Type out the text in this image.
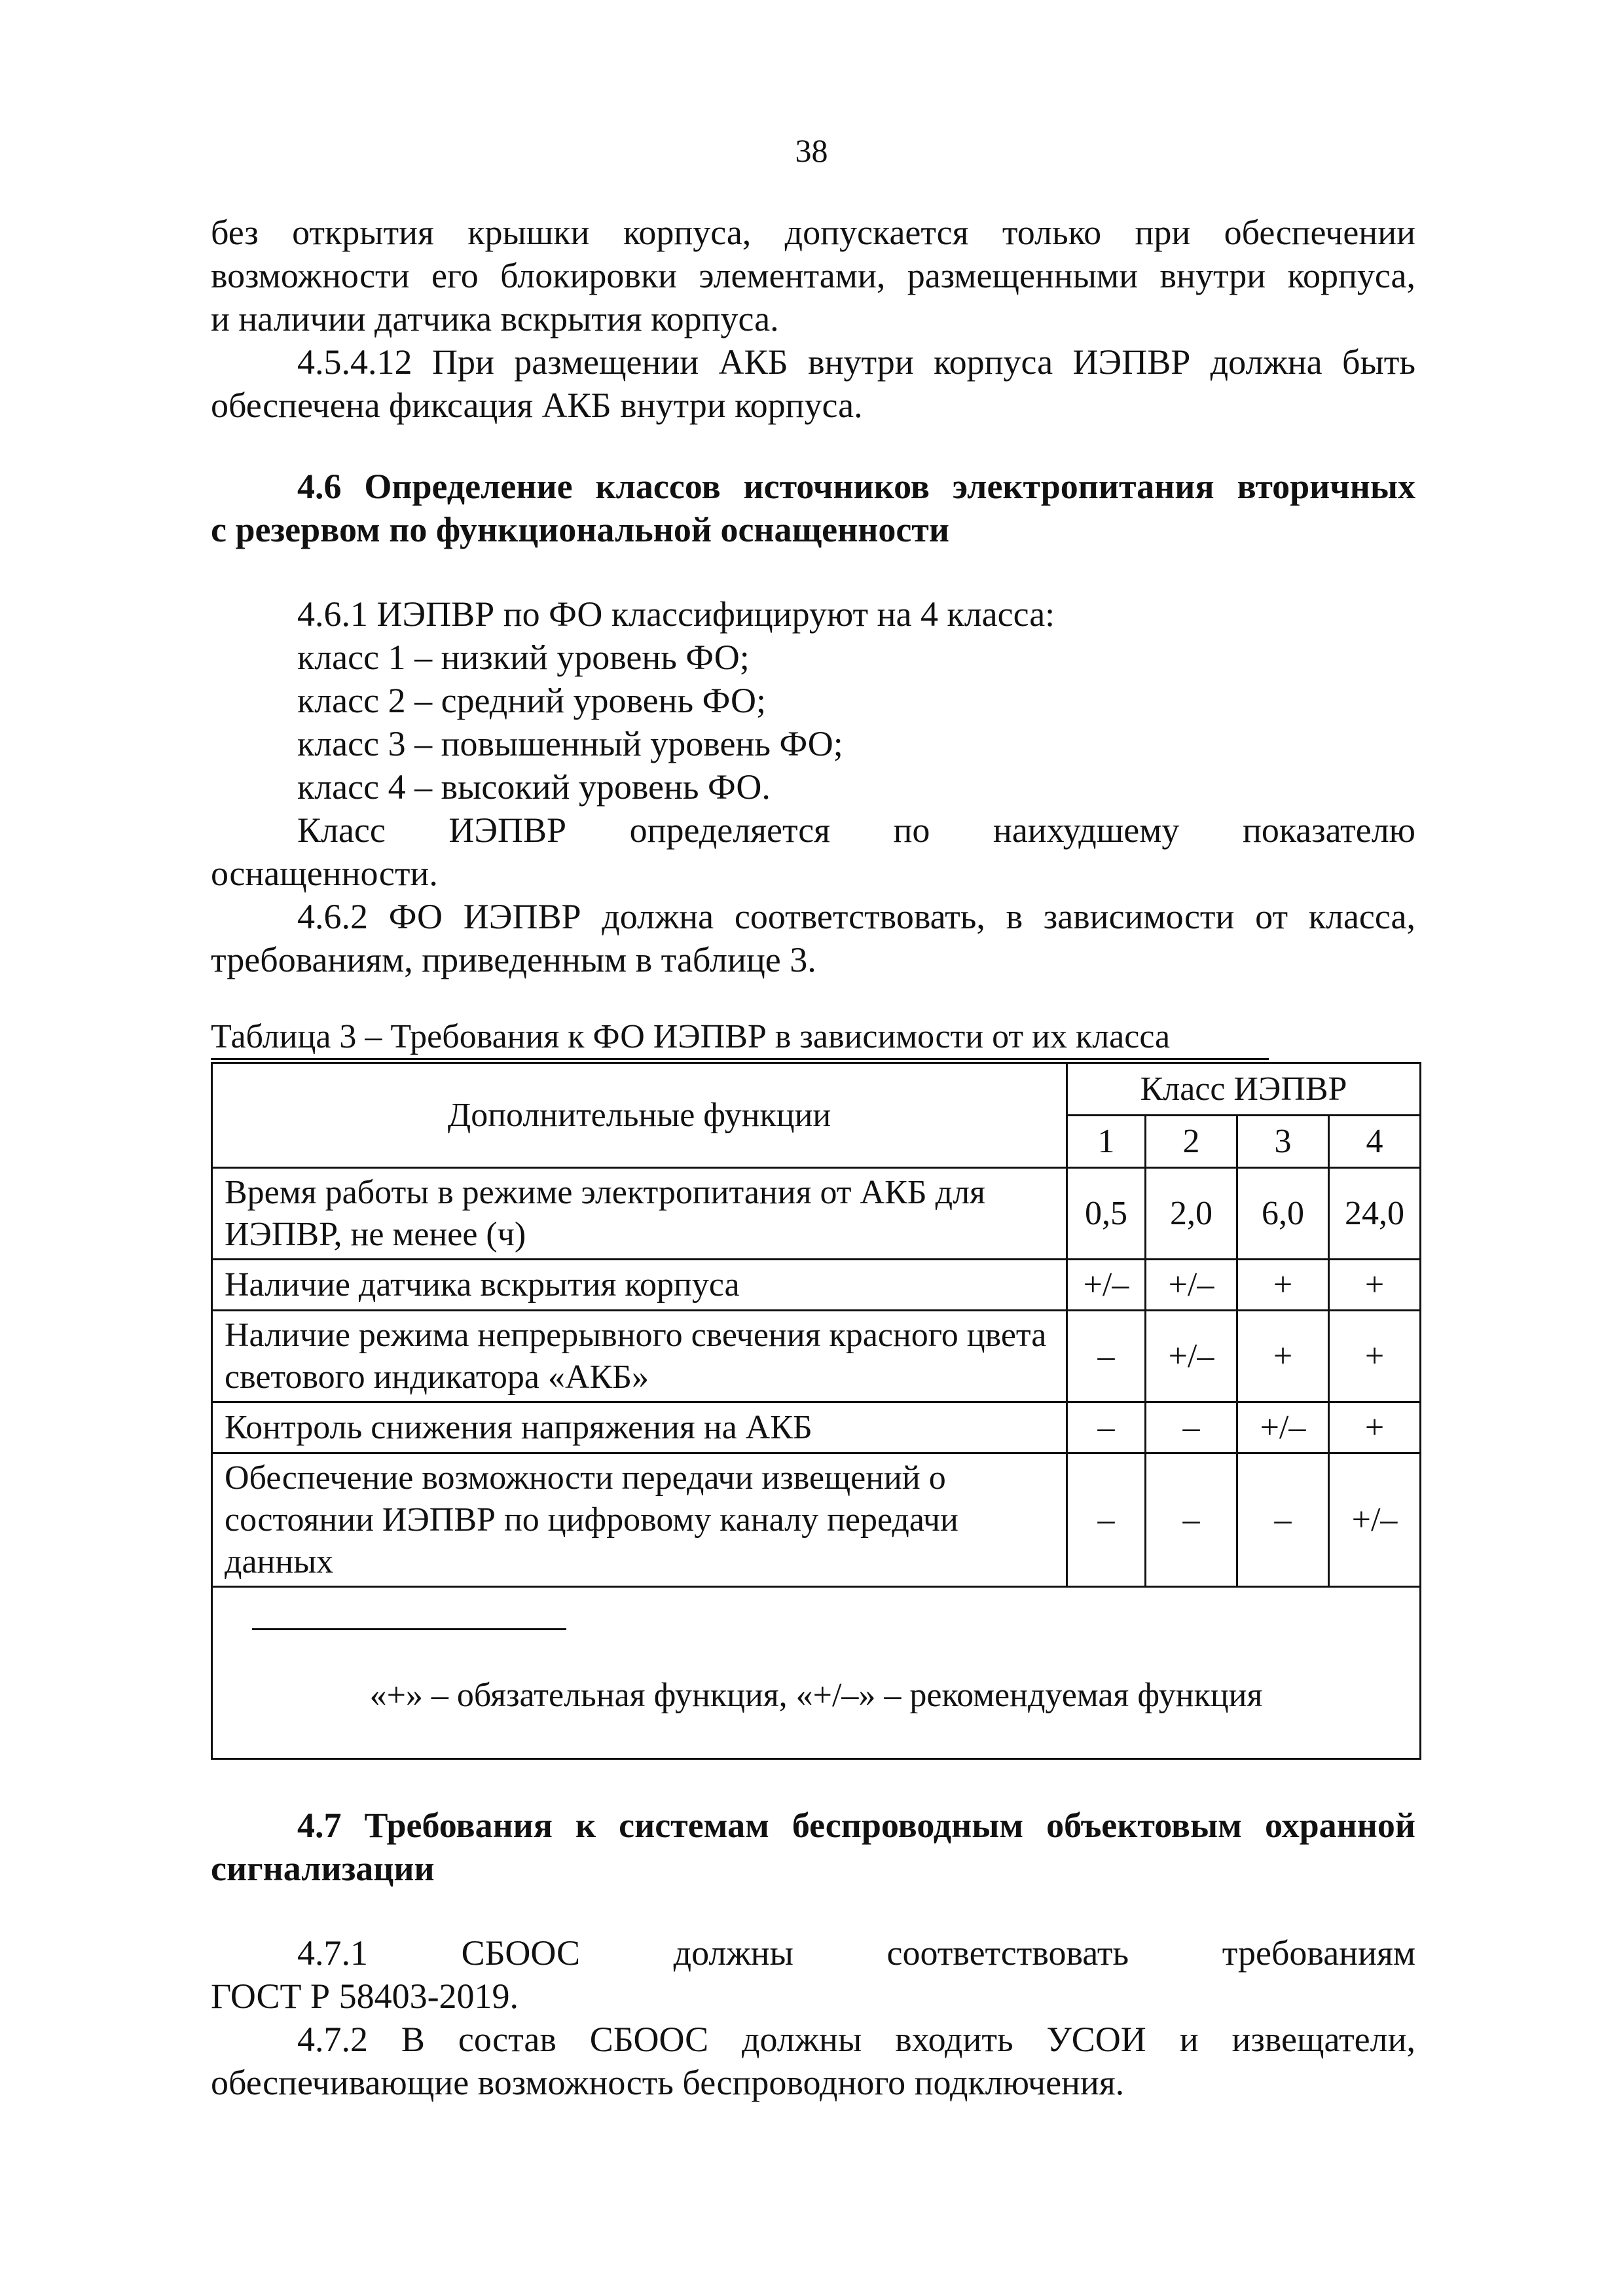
38
без открытия крышки корпуса, допускается только при обеспечении
возможности его блокировки элементами, размещенными внутри корпуса,
и наличии датчика вскрытия корпуса.
4.5.4.12 При размещении АКБ внутри корпуса ИЭПВР должна быть
обеспечена фиксация АКБ внутри корпуса.
4.6 Определение классов источников электропитания вторичных
с резервом по функциональной оснащенности
4.6.1 ИЭПВР по ФО классифицируют на 4 класса:
класс 1 – низкий уровень ФО;
класс 2 – средний уровень ФО;
класс 3 – повышенный уровень ФО;
класс 4 – высокий уровень ФО.
Класс ИЭПВР определяется по наихудшему показателю
оснащенности.
4.6.2 ФО ИЭПВР должна соответствовать, в зависимости от класса,
требованиям, приведенным в таблице 3.
Таблица 3 – Требования к ФО ИЭПВР в зависимости от их класса
Дополнительные функции	Класс ИЭПВР			
	1	2	3	4
Время работы в режиме электропитания от АКБ для ИЭПВР, не менее (ч)	0,5	2,0	6,0	24,0
Наличие датчика вскрытия корпуса	+/–	+/–	+	+
Наличие режима непрерывного свечения красного цвета светового индикатора «АКБ»	–	+/–	+	+
Контроль снижения напряжения на АКБ	–	–	+/–	+
Обеспечение возможности передачи извещений о состоянии ИЭПВР по цифровому каналу передачи данных	–	–	–	+/–

«+» – обязательная функция, «+/–» – рекомендуемая функция				
4.7 Требования к системам беспроводным объектовым охранной
сигнализации
4.7.1 СБООС должны соответствовать требованиям
ГОСТ Р 58403-2019.
4.7.2 В состав СБООС должны входить УСОИ и извещатели,
обеспечивающие возможность беспроводного подключения.
